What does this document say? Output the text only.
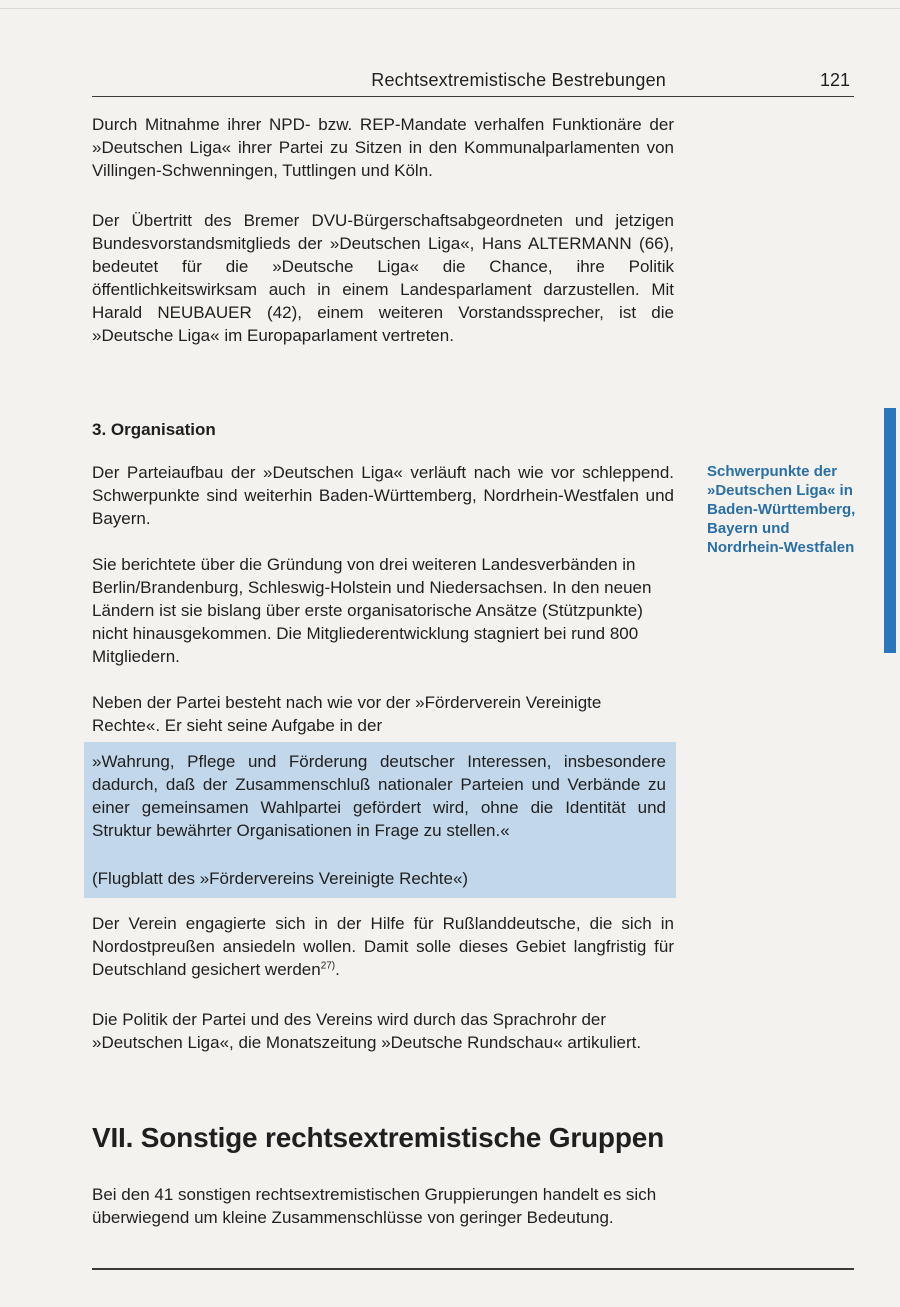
Rechtsextremistische Bestrebungen	121

Durch Mitnahme ihrer NPD- bzw. REP-Mandate verhalfen Funktionäre der »Deutschen Liga« ihrer Partei zu Sitzen in den Kommunalparlamenten von Villingen-Schwenningen, Tuttlingen und Köln.

Der Übertritt des Bremer DVU-Bürgerschaftsabgeordneten und jetzigen Bundesvorstandsmitglieds der »Deutschen Liga«, Hans ALTERMANN (66), bedeutet für die »Deutsche Liga« die Chance, ihre Politik öffentlichkeitswirksam auch in einem Landesparlament darzustellen. Mit Harald NEUBAUER (42), einem weiteren Vorstandssprecher, ist die »Deutsche Liga« im Europaparlament vertreten.

3. Organisation

Der Parteiaufbau der »Deutschen Liga« verläuft nach wie vor schleppend. Schwerpunkte sind weiterhin Baden-Württemberg, Nordrhein-Westfalen und Bayern.

Schwerpunkte der »Deutschen Liga« in Baden-Württemberg, Bayern und Nordrhein-Westfalen

Sie berichtete über die Gründung von drei weiteren Landesverbänden in Berlin/Brandenburg, Schleswig-Holstein und Niedersachsen. In den neuen Ländern ist sie bislang über erste organisatorische Ansätze (Stützpunkte) nicht hinausgekommen. Die Mitgliederentwicklung stagniert bei rund 800 Mitgliedern.

Neben der Partei besteht nach wie vor der »Förderverein Vereinigte Rechte«. Er sieht seine Aufgabe in der

»Wahrung, Pflege und Förderung deutscher Interessen, insbesondere dadurch, daß der Zusammenschluß nationaler Parteien und Verbände zu einer gemeinsamen Wahlpartei gefördert wird, ohne die Identität und Struktur bewährter Organisationen in Frage zu stellen.«

(Flugblatt des »Fördervereins Vereinigte Rechte«)

Der Verein engagierte sich in der Hilfe für Rußlanddeutsche, die sich in Nordostpreußen ansiedeln wollen. Damit solle dieses Gebiet langfristig für Deutschland gesichert werden$^{27)}$.

Die Politik der Partei und des Vereins wird durch das Sprachrohr der »Deutschen Liga«, die Monatszeitung »Deutsche Rundschau« artikuliert.

VII. Sonstige rechtsextremistische Gruppen

Bei den 41 sonstigen rechtsextremistischen Gruppierungen handelt es sich überwiegend um kleine Zusammenschlüsse von geringer Bedeutung.
